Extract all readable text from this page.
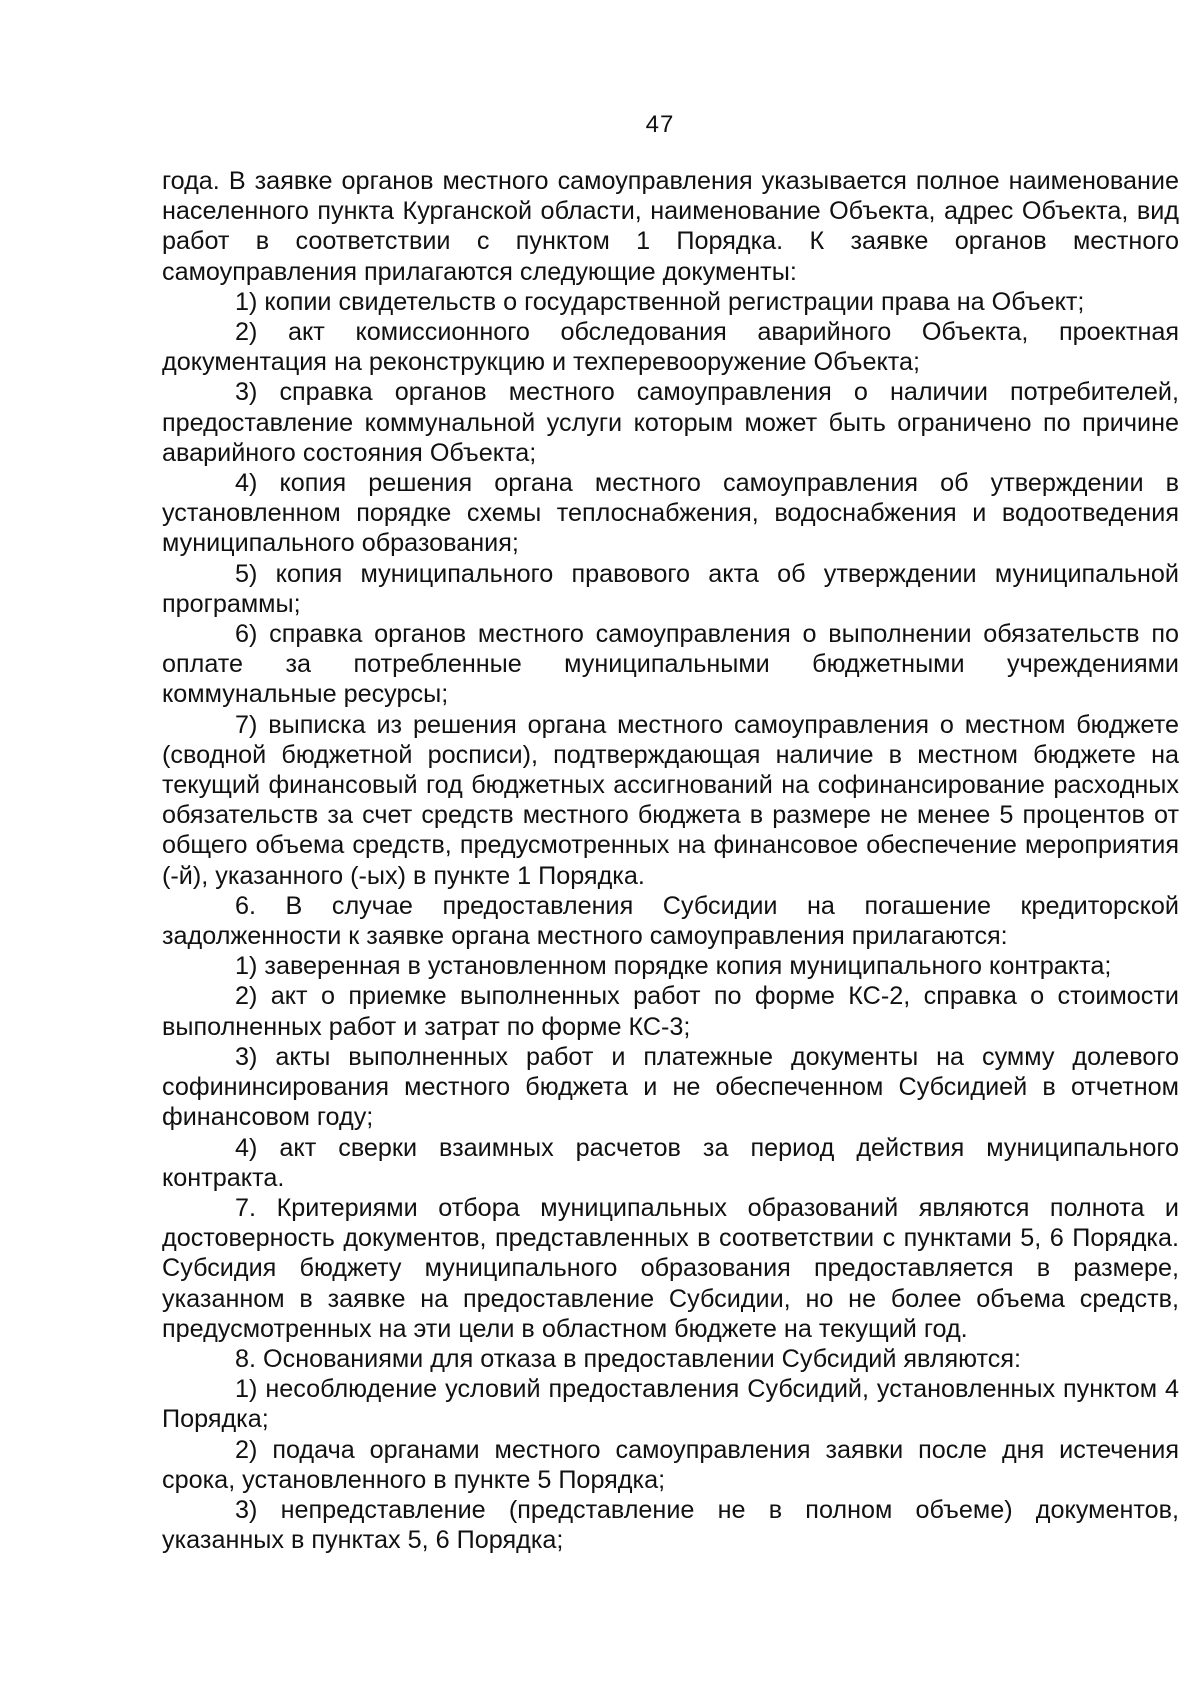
47

года. В заявке органов местного самоуправления указывается полное наименование населенного пункта Курганской области, наименование Объекта, адрес Объекта, вид работ в соответствии с пунктом 1 Порядка. К заявке органов местного самоуправления прилагаются следующие документы:

1) копии свидетельств о государственной регистрации права на Объект;

2) акт комиссионного обследования аварийного Объекта, проектная документация на реконструкцию и техперевооружение Объекта;

3) справка органов местного самоуправления о наличии потребителей, предоставление коммунальной услуги которым может быть ограничено по причине аварийного состояния Объекта;

4) копия решения органа местного самоуправления об утверждении в установленном порядке схемы теплоснабжения, водоснабжения и водоотведения муниципального образования;

5) копия муниципального правового акта об утверждении муниципальной программы;

6) справка органов местного самоуправления о выполнении обязательств по оплате за потребленные муниципальными бюджетными учреждениями коммунальные ресурсы;

7) выписка из решения органа местного самоуправления о местном бюджете (сводной бюджетной росписи), подтверждающая наличие в местном бюджете на текущий финансовый год бюджетных ассигнований на софинансирование расходных обязательств за счет средств местного бюджета в размере не менее 5 процентов от общего объема средств, предусмотренных на финансовое обеспечение мероприятия (-й), указанного (-ых) в пункте 1 Порядка.

6. В случае предоставления Субсидии на погашение кредиторской задолженности к заявке органа местного самоуправления прилагаются:

1) заверенная в установленном порядке копия муниципального контракта;

2) акт о приемке выполненных работ по форме КС-2, справка о стоимости выполненных работ и затрат по форме КС-3;

3) акты выполненных работ и платежные документы на сумму долевого софининсирования местного бюджета и не обеспеченном Субсидией в отчетном финансовом году;

4) акт сверки взаимных расчетов за период действия муниципального контракта.

7. Критериями отбора муниципальных образований являются полнота и достоверность документов, представленных в соответствии с пунктами 5, 6 Порядка. Субсидия бюджету муниципального образования предоставляется в размере, указанном в заявке на предоставление Субсидии, но не более объема средств, предусмотренных на эти цели в областном бюджете на текущий год.

8. Основаниями для отказа в предоставлении Субсидий являются:

1) несоблюдение условий предоставления Субсидий, установленных пунктом 4 Порядка;

2) подача органами местного самоуправления заявки после дня истечения срока, установленного в пункте 5 Порядка;

3) непредставление (представление не в полном объеме) документов, указанных в пунктах 5, 6 Порядка;
